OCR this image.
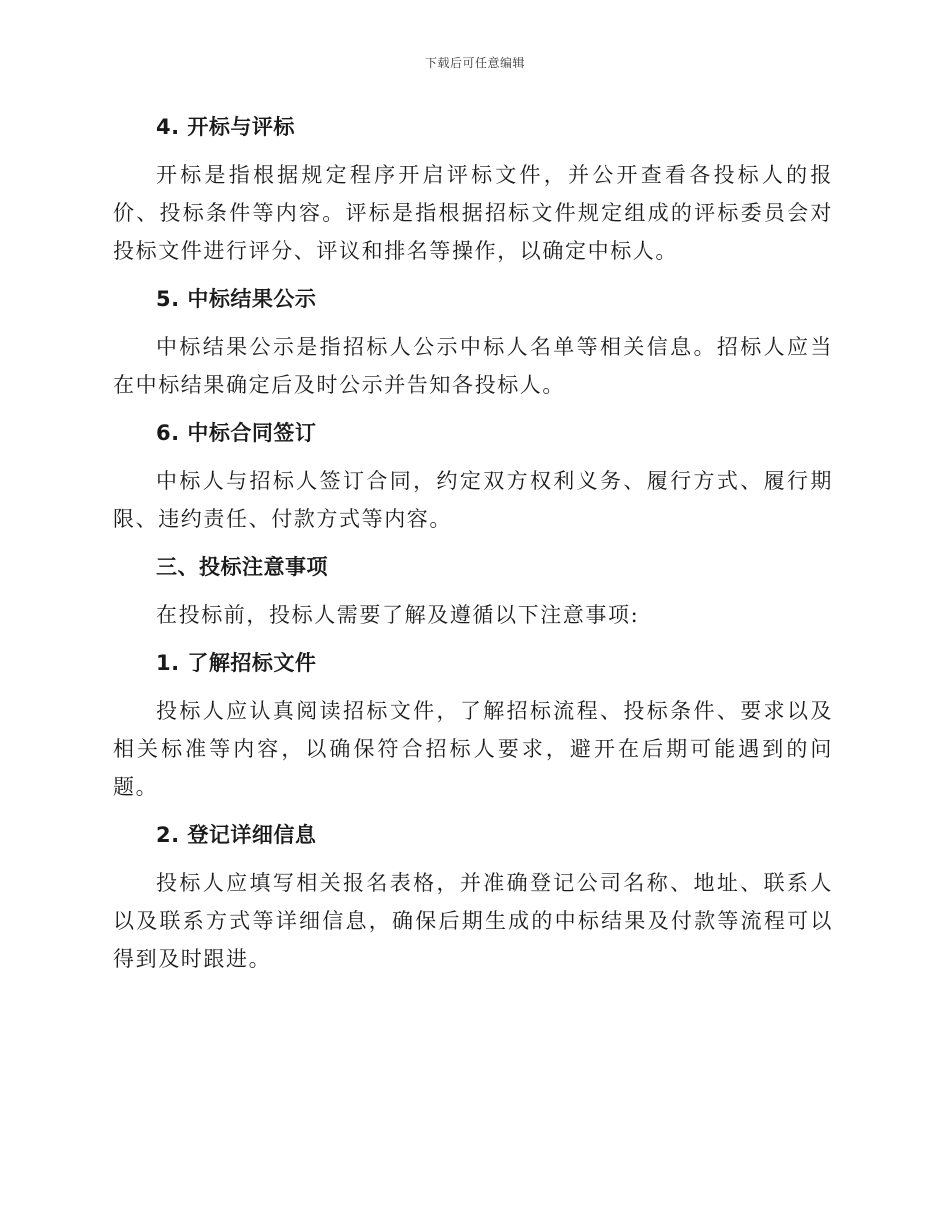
下载后可任意编辑
4. 开标与评标
开标是指根据规定程序开启评标文件，并公开查看各投标人的报价、投标条件等内容。评标是指根据招标文件规定组成的评标委员会对投标文件进行评分、评议和排名等操作，以确定中标人。
5. 中标结果公示
中标结果公示是指招标人公示中标人名单等相关信息。招标人应当在中标结果确定后及时公示并告知各投标人。
6. 中标合同签订
中标人与招标人签订合同，约定双方权利义务、履行方式、履行期限、违约责任、付款方式等内容。
三、投标注意事项
在投标前，投标人需要了解及遵循以下注意事项:
1. 了解招标文件
投标人应认真阅读招标文件，了解招标流程、投标条件、要求以及相关标准等内容，以确保符合招标人要求，避开在后期可能遇到的问题。
2. 登记详细信息
投标人应填写相关报名表格，并准确登记公司名称、地址、联系人以及联系方式等详细信息，确保后期生成的中标结果及付款等流程可以得到及时跟进。
